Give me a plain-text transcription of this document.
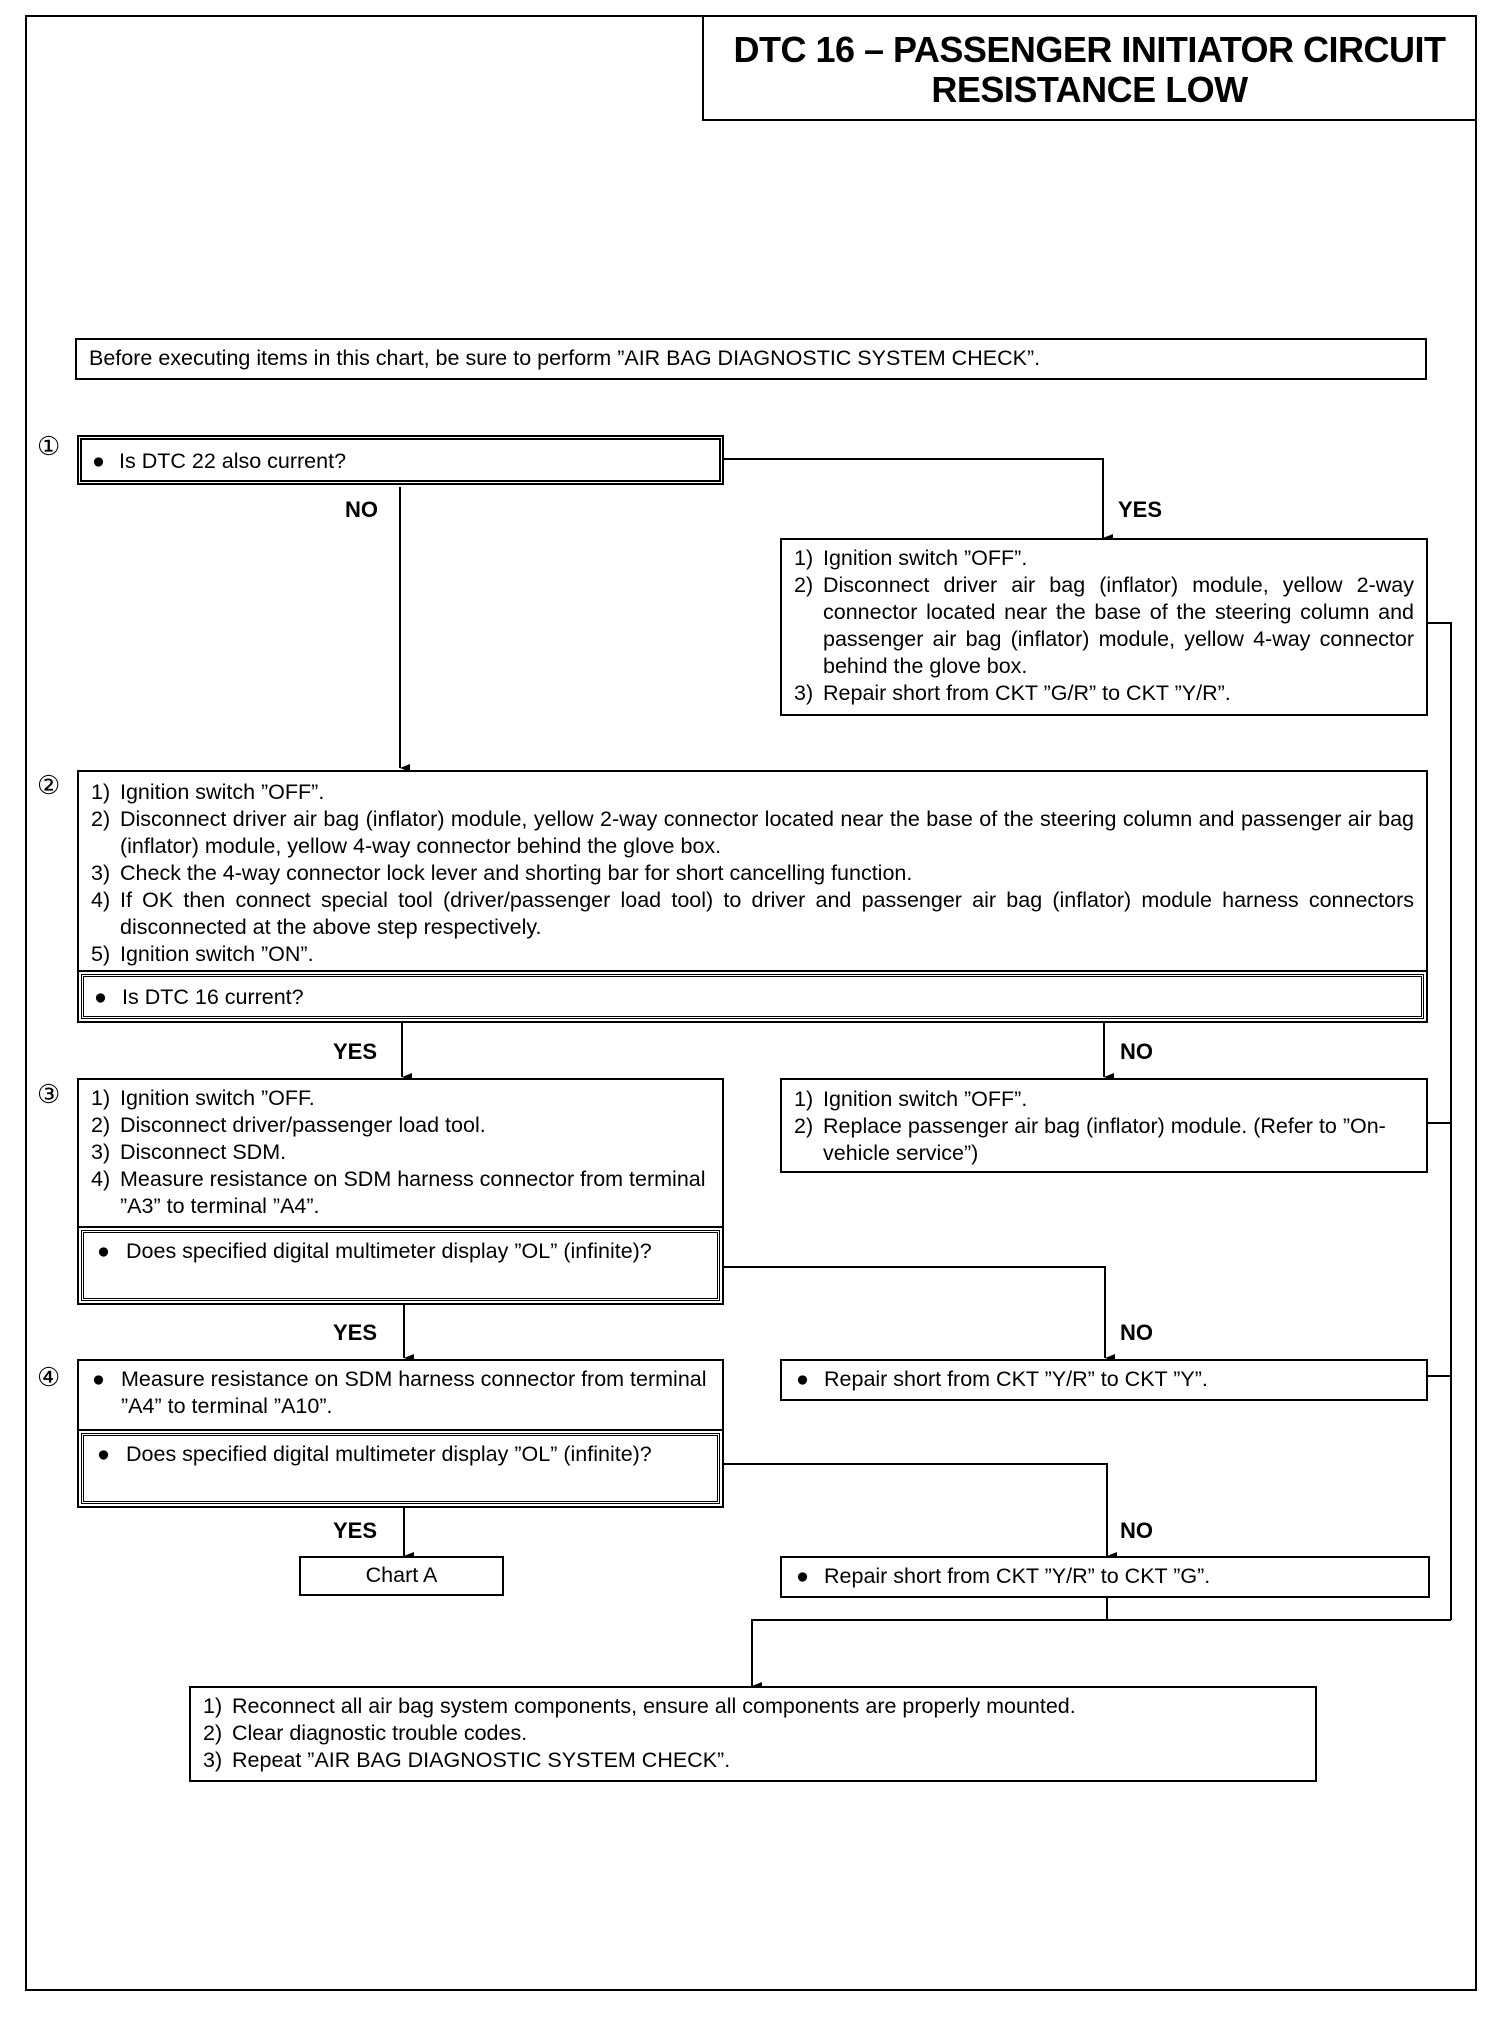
DTC 16 – PASSENGER INITIATOR CIRCUIT
RESISTANCE LOW
Before executing items in this chart, be sure to perform ”AIR BAG DIAGNOSTIC SYSTEM CHECK”.
① ● Is DTC 22 also current?
NO	YES
1) Ignition switch ”OFF”.
2) Disconnect driver air bag (inflator) module, yellow 2-way connector located near the base of the steering column and passenger air bag (inflator) module, yellow 4-way connector behind the glove box.
3) Repair short from CKT ”G/R” to CKT ”Y/R”.
② 1) Ignition switch ”OFF”.
2) Disconnect driver air bag (inflator) module, yellow 2-way connector located near the base of the steering column and passenger air bag (inflator) module, yellow 4-way connector behind the glove box.
3) Check the 4-way connector lock lever and shorting bar for short cancelling function.
4) If OK then connect special tool (driver/passenger load tool) to driver and passenger air bag (inflator) module harness connectors disconnected at the above step respectively.
5) Ignition switch ”ON”.
● Is DTC 16 current?
YES	NO
1) Ignition switch ”OFF”.
2) Replace passenger air bag (inflator) module. (Refer to ”On-vehicle service”)
③ 1) Ignition switch ”OFF.
2) Disconnect driver/passenger load tool.
3) Disconnect SDM.
4) Measure resistance on SDM harness connector from terminal ”A3” to terminal ”A4”.
● Does specified digital multimeter display ”OL” (infinite)?
YES	NO
● Repair short from CKT ”Y/R” to CKT ”Y”.
④ ● Measure resistance on SDM harness connector from terminal ”A4” to terminal ”A10”.
● Does specified digital multimeter display ”OL” (infinite)?
YES	NO
Chart A	● Repair short from CKT ”Y/R” to CKT ”G”.
1) Reconnect all air bag system components, ensure all components are properly mounted.
2) Clear diagnostic trouble codes.
3) Repeat ”AIR BAG DIAGNOSTIC SYSTEM CHECK”.
